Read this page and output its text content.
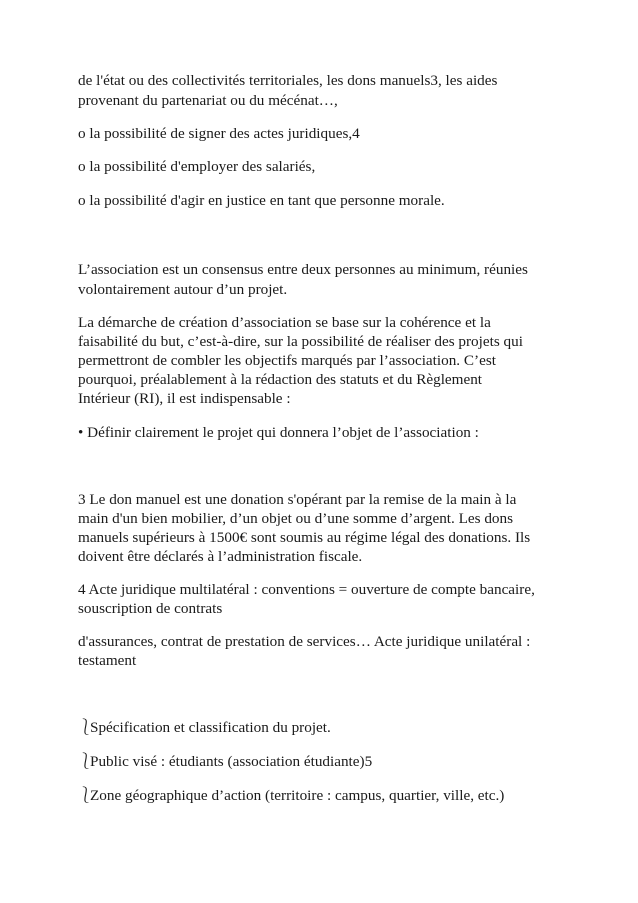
de l'état ou des collectivités territoriales, les dons manuels3, les aides
provenant du partenariat ou du mécénat…,
o la possibilité de signer des actes juridiques,4
o la possibilité d'employer des salariés,
o la possibilité d'agir en justice en tant que personne morale.
L’association est un consensus entre deux personnes au minimum, réunies
volontairement autour d’un projet.
La démarche de création d’association se base sur la cohérence et la
faisabilité du but, c’est-à-dire, sur la possibilité de réaliser des projets qui
permettront de combler les objectifs marqués par l’association. C’est
pourquoi, préalablement à la rédaction des statuts et du Règlement
Intérieur (RI), il est indispensable :
• Définir clairement le projet qui donnera l’objet de l’association :
3 Le don manuel est une donation s'opérant par la remise de la main à la
main d'un bien mobilier, d’un objet ou d’une somme d’argent. Les dons
manuels supérieurs à 1500€ sont soumis au régime légal des donations. Ils
doivent être déclarés à l’administration fiscale.
4 Acte juridique multilatéral : conventions = ouverture de compte bancaire,
souscription de contrats
d'assurances, contrat de prestation de services… Acte juridique unilatéral :
testament
⎱Spécification et classification du projet.
⎱Public visé : étudiants (association étudiante)5
⎱Zone géographique d’action (territoire : campus, quartier, ville, etc.)
